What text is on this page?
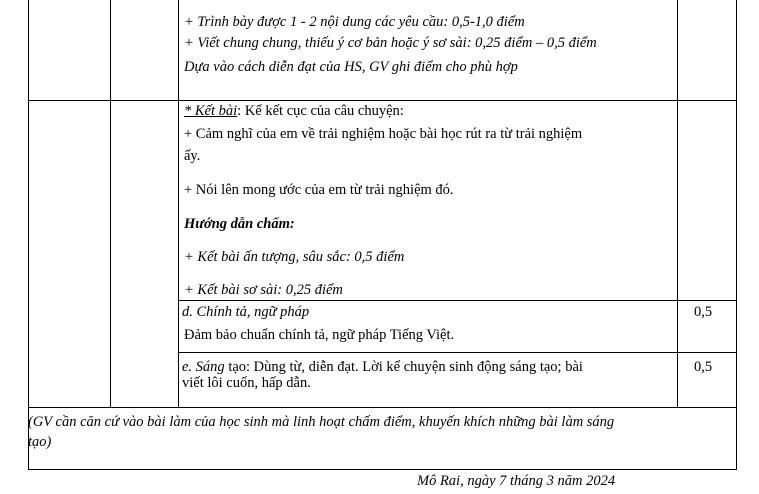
+ Trình bày được 1 - 2 nội dung các yêu cầu: 0,5-1,0 điểm
+ Viết chung chung, thiếu ý cơ bản hoặc ý sơ sài: 0,25 điểm – 0,5 điểm
Dựa vào cách diễn đạt của HS, GV ghi điểm cho phù hợp
* Kết bài: Kể kết cục của câu chuyện:
+ Cảm nghĩ của em về trải nghiệm hoặc bài học rút ra từ trải nghiệm
ấy.
+ Nói lên mong ước của em từ trải nghiệm đó.
Hướng dẫn chấm:
+ Kết bài ấn tượng, sâu sắc: 0,5 điểm
+ Kết bài sơ sài: 0,25 điểm
d. Chính tả, ngữ pháp
Đảm bảo chuẩn chính tả, ngữ pháp Tiếng Việt.
0,5
e. Sáng tạo: Dùng từ, diễn đạt. Lời kể chuyện sinh động sáng tạo; bài
viết lôi cuốn, hấp dẫn.
0,5
(GV cần căn cứ vào bài làm của học sinh mà linh hoạt chấm điểm, khuyến khích những bài làm sáng
tạo)
Mô Rai, ngày 7 tháng 3 năm 2024
